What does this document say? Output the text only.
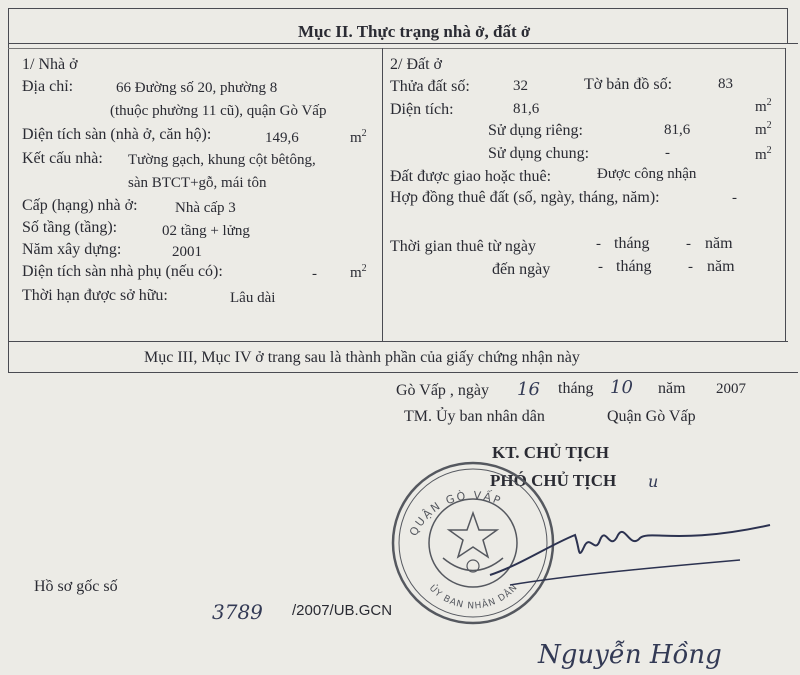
Mục II. Thực trạng nhà ở, đất ở
1/ Nhà ở
Địa chỉ:	66 Đường số 20, phường 8
(thuộc phường 11 cũ), quận Gò Vấp
Diện tích sàn (nhà ở, căn hộ):	149,6	$m^2$
Kết cấu nhà: Tường gạch, khung cột bêtông,
sàn BTCT+gỗ, mái tôn
Cấp (hạng) nhà ở: Nhà cấp 3
Số tầng (tầng):	02 tầng + lửng
Năm xây dựng:	2001
Diện tích sàn nhà phụ (nếu có):	- $m^2$
Thời hạn được sở hữu:	Lâu dài
2/ Đất ở
Thửa đất số:	32	Tờ bản đồ số:	83
Diện tích:	81,6	$m^2$
Sử dụng riêng:	81,6	$m^2$
Sử dụng chung:	-	$m^2$
Đất được giao hoặc thuê:	Được công nhận
Hợp đồng thuê đất (số, ngày, tháng, năm):	-
Thời gian thuê từ ngày	- tháng - năm
đến ngày	- tháng - năm
Mục III, Mục IV ở trang sau là thành phần của giấy chứng nhận này
Gò Vấp , ngày 16 tháng 10 năm 2007
TM. Ủy ban nhân dân	Quận Gò Vấp
KT. CHỦ TỊCH
PHÓ CHỦ TỊCH u
QUẬN GÒ VẤP
ỦY BAN NHÂN DÂN
Nguyễn Hồng
Hồ sơ gốc số
3789 /2007/UB.GCN
